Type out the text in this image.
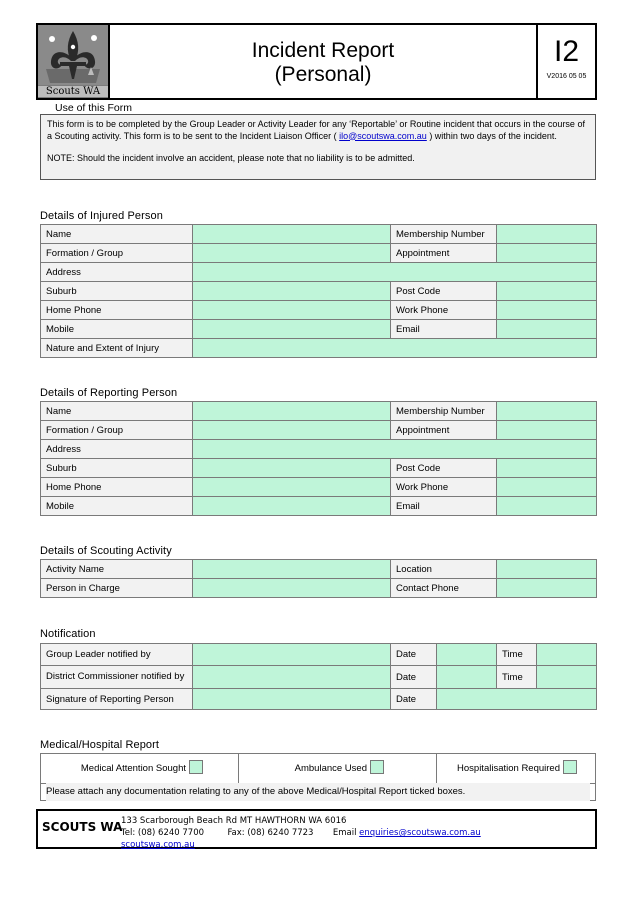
Scouts WA
Incident Report
(Personal)
I2
V2016 05 05
Use of this Form
This form is to be completed by the Group Leader or Activity Leader for any ‘Reportable’ or Routine incident that occurs in the course of a Scouting activity. This form is to be sent to the Incident Liaison Officer ( ilo@scoutswa.com.au ) within two days of the incident.
NOTE: Should the incident involve an accident, please note that no liability is to be admitted.
Details of Injured Person
Name		Membership Number	
Formation / Group		Appointment	
Address			
Suburb		Post Code	
Home Phone		Work Phone	
Mobile		Email	
Nature and Extent of Injury			
Details of Reporting Person
Name		Membership Number	
Formation / Group		Appointment	
Address			
Suburb		Post Code	
Home Phone		Work Phone	
Mobile		Email	
Details of Scouting Activity
Activity Name		Location	
Person in Charge		Contact Phone	
Notification
Group Leader notified by		Date		Time	
District Commissioner notified by		Date		Time	
Signature of Reporting Person		Date			
Medical/Hospital Report
Medical Attention Sought	Ambulance Used	Hospitalisation Required
Please attach any documentation relating to any of the above Medical/Hospital Report ticked boxes.
SCOUTS WA
133 Scarborough Beach Rd MT HAWTHORN WA 6016
Tel: (08) 6240 7700	Fax: (08) 6240 7723 Email enquiries@scoutswa.com.au  scoutswa.com.au
